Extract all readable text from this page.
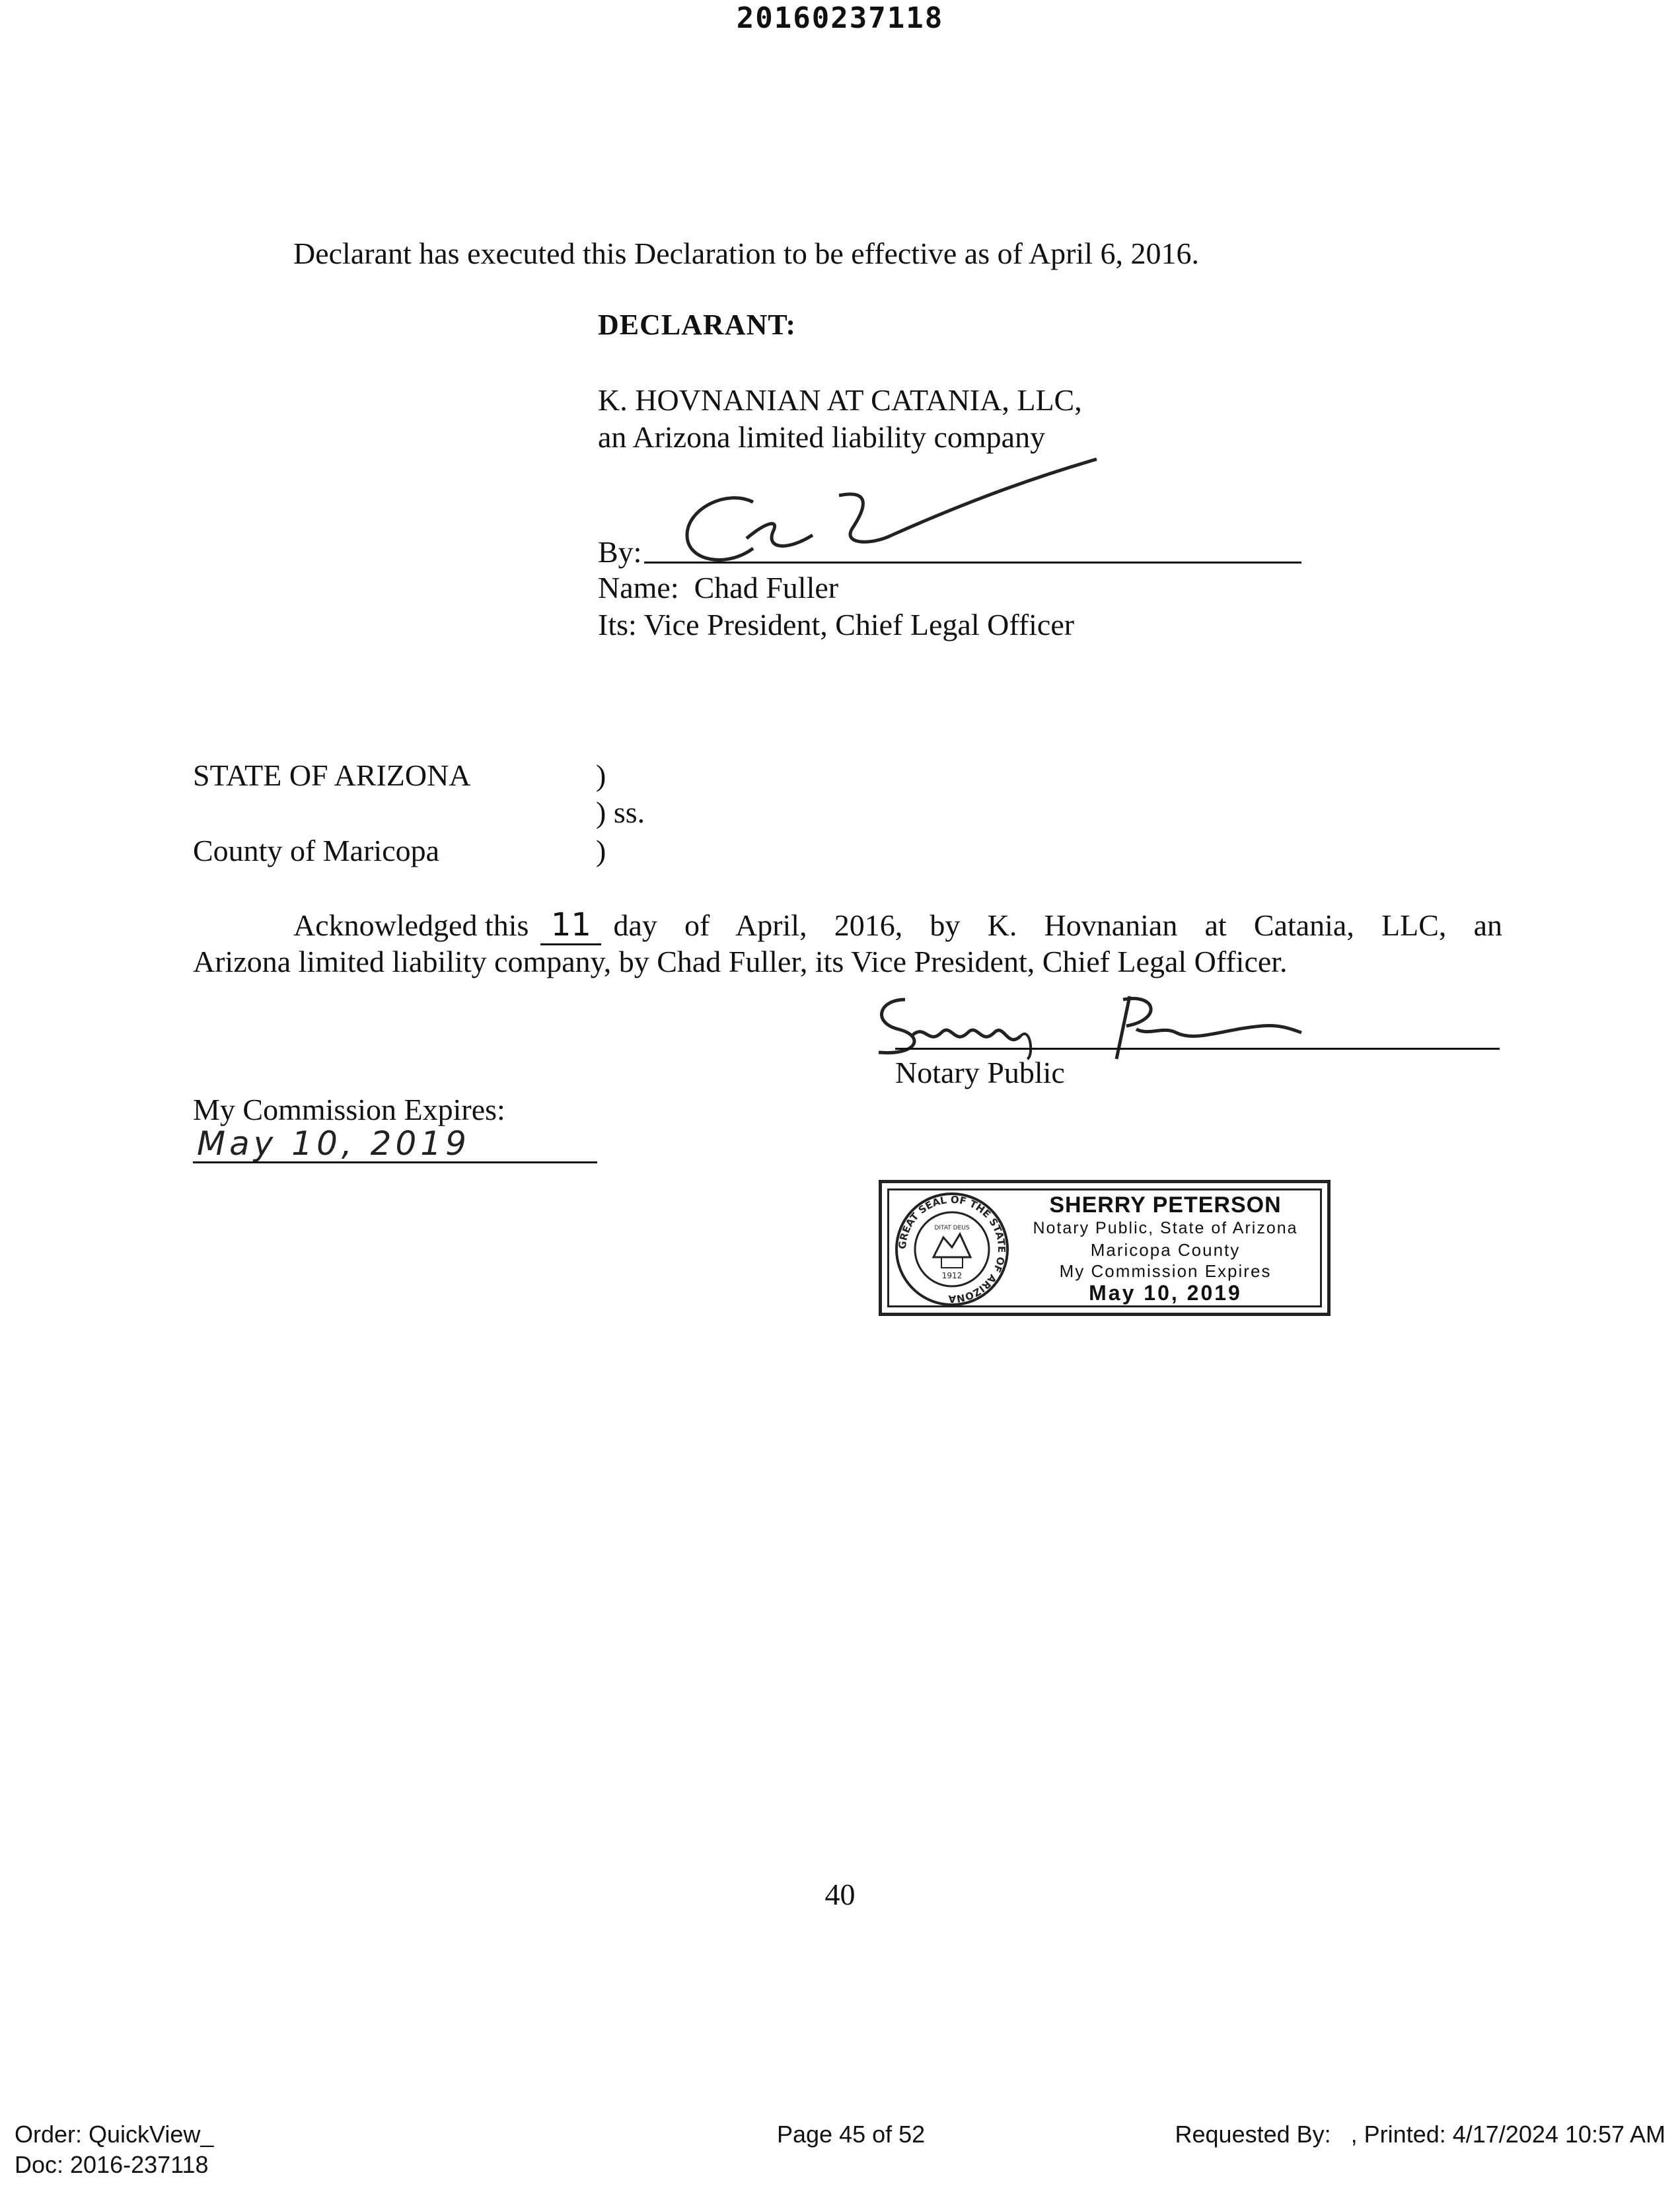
20160237118
Declarant has executed this Declaration to be effective as of April 6, 2016.
DECLARANT:
K. HOVNANIAN AT CATANIA, LLC,
an Arizona limited liability company
By:
Name:  Chad Fuller
Its: Vice President, Chief Legal Officer
STATE OF ARIZONA	)
) ss.
County of Maricopa	)
Acknowledged this 11 day of April, 2016, by K. Hovnanian at Catania, LLC, an
Arizona limited liability company, by Chad Fuller, its Vice President, Chief Legal Officer.
Notary Public
My Commission Expires:
May 10, 2019
GREAT SEAL OF THE STATE OF ARIZONA
DITAT DEUS
1912
SHERRY PETERSON
Notary Public, State of Arizona
Maricopa County
My Commission Expires
May 10, 2019
40
Order: QuickView_
Doc: 2016-237118
Page 45 of 52	Requested By:   , Printed: 4/17/2024 10:57 AM
